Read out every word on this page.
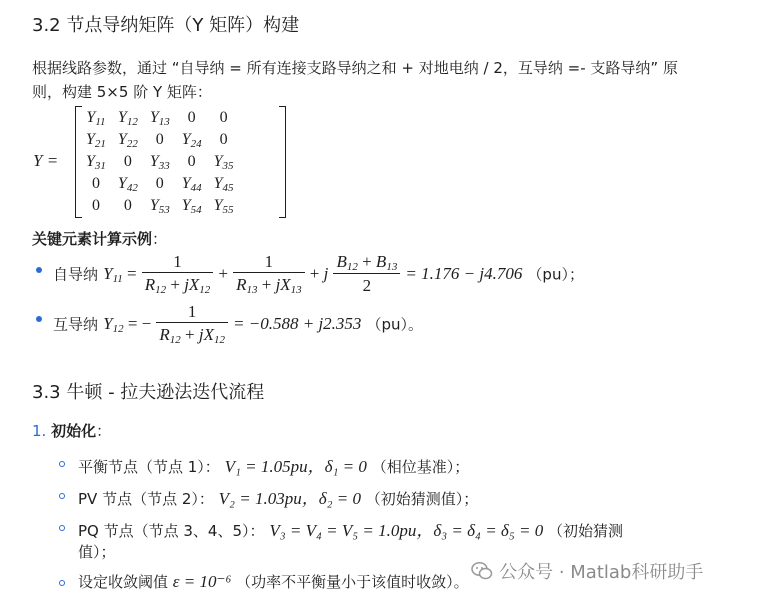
3.2 节点导纳矩阵（Y 矩阵）构建
根据线路参数，通过 “自导纳 = 所有连接支路导纳之和 + 对地电纳 / 2，互导纳 =- 支路导纳” 原
则，构建 5×5 阶 Y 矩阵：
Y =
$Y_{11}$	$Y_{12}$	$Y_{13}$	0	0
$Y_{21}$	$Y_{22}$	0	$Y_{24}$	0
$Y_{31}$	0	$Y_{33}$	0	$Y_{35}$
0	$Y_{42}$	0	$Y_{44}$	$Y_{45}$
0	0	$Y_{53}$	$Y_{54}$	$Y_{55}$
关键元素计算示例：
自导纳 $Y_{11} = \frac{1}{R_{12} + jX_{12}} + \frac{1}{R_{13} + jX_{13}} + j \frac{B_{12} + B_{13}}{2} = 1.176 - j4.706$ （pu）；
互导纳 $Y_{12}$ = − $\frac{1}{R_{12} + jX_{12}} = -0.588 + j2.353$ （pu）。
3.3 牛顿 - 拉夫逊法迭代流程
1. 初始化：
平衡节点（节点 1）： V₁ = 1.05pu，δ₁ = 0 （相位基准）；
PV 节点（节点 2）： V₂ = 1.03pu，δ₂ = 0 （初始猜测值）；
PQ 节点（节点 3、4、5）： V₃ = V₄ = V₅ = 1.0pu，δ₃ = δ₄ = δ₅ = 0 （初始猜测
值）；
设定收敛阈值 ε = 10⁻⁶ （功率不平衡量小于该值时收敛）。	公众号 · Matlab科研助手
